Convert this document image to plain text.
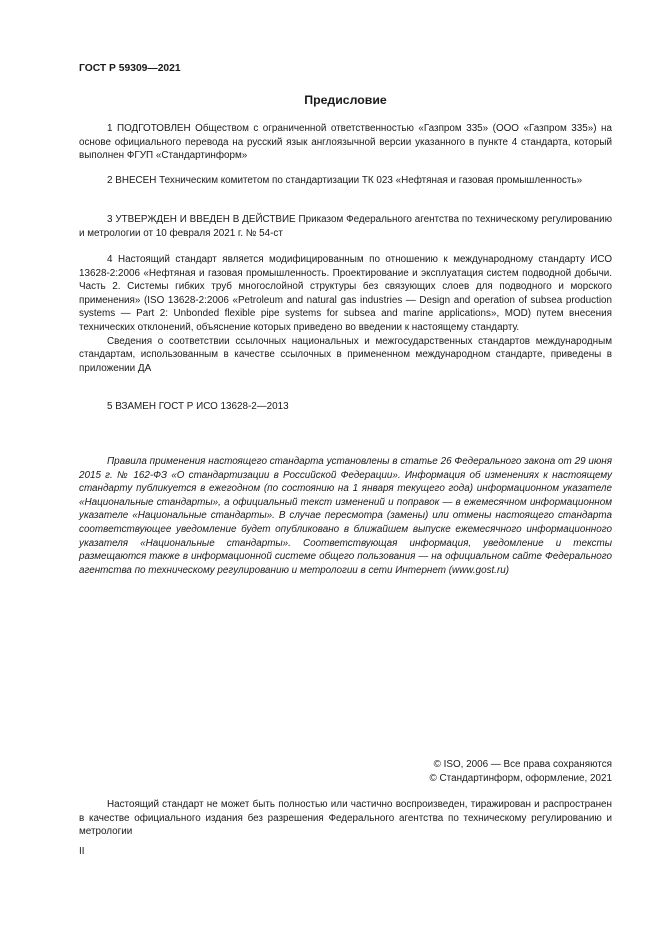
ГОСТ Р 59309—2021
Предисловие

1 ПОДГОТОВЛЕН Обществом с ограниченной ответственностью «Газпром 335» (ООО «Газпром 335») на основе официального перевода на русский язык англоязычной версии указанного в пункте 4 стандарта, который выполнен ФГУП «Стандартинформ»

2 ВНЕСЕН Техническим комитетом по стандартизации ТК 023 «Нефтяная и газовая промышленность»

3 УТВЕРЖДЕН И ВВЕДЕН В ДЕЙСТВИЕ Приказом Федерального агентства по техническому регулированию и метрологии от 10 февраля 2021 г. № 54-ст

4 Настоящий стандарт является модифицированным по отношению к международному стандарту ИСО 13628-2:2006 «Нефтяная и газовая промышленность. Проектирование и эксплуатация систем подводной добычи. Часть 2. Системы гибких труб многослойной структуры без связующих слоев для подводного и морского применения» (ISO 13628-2:2006 «Petroleum and natural gas industries — Design and operation of subsea production systems — Part 2: Unbonded flexible pipe systems for subsea and marine applications», MOD) путем внесения технических отклонений, объяснение которых приведено во введении к настоящему стандарту.

Сведения о соответствии ссылочных национальных и межгосударственных стандартов международным стандартам, использованным в качестве ссылочных в примененном международном стандарте, приведены в приложении ДА

5 ВЗАМЕН ГОСТ Р ИСО 13628-2—2013

Правила применения настоящего стандарта установлены в статье 26 Федерального закона от 29 июня 2015 г. № 162-ФЗ «О стандартизации в Российской Федерации». Информация об изменениях к настоящему стандарту публикуется в ежегодном (по состоянию на 1 января текущего года) информационном указателе «Национальные стандарты», а официальный текст изменений и поправок — в ежемесячном информационном указателе «Национальные стандарты». В случае пересмотра (замены) или отмены настоящего стандарта соответствующее уведомление будет опубликовано в ближайшем выпуске ежемесячного информационного указателя «Национальные стандарты». Соответствующая информация, уведомление и тексты размещаются также в информационной системе общего пользования — на официальном сайте Федерального агентства по техническому регулированию и метрологии в сети Интернет (www.gost.ru)

© ISO, 2006 — Все права сохраняются
© Стандартинформ, оформление, 2021

Настоящий стандарт не может быть полностью или частично воспроизведен, тиражирован и распространен в качестве официального издания без разрешения Федерального агентства по техническому регулированию и метрологии

II
